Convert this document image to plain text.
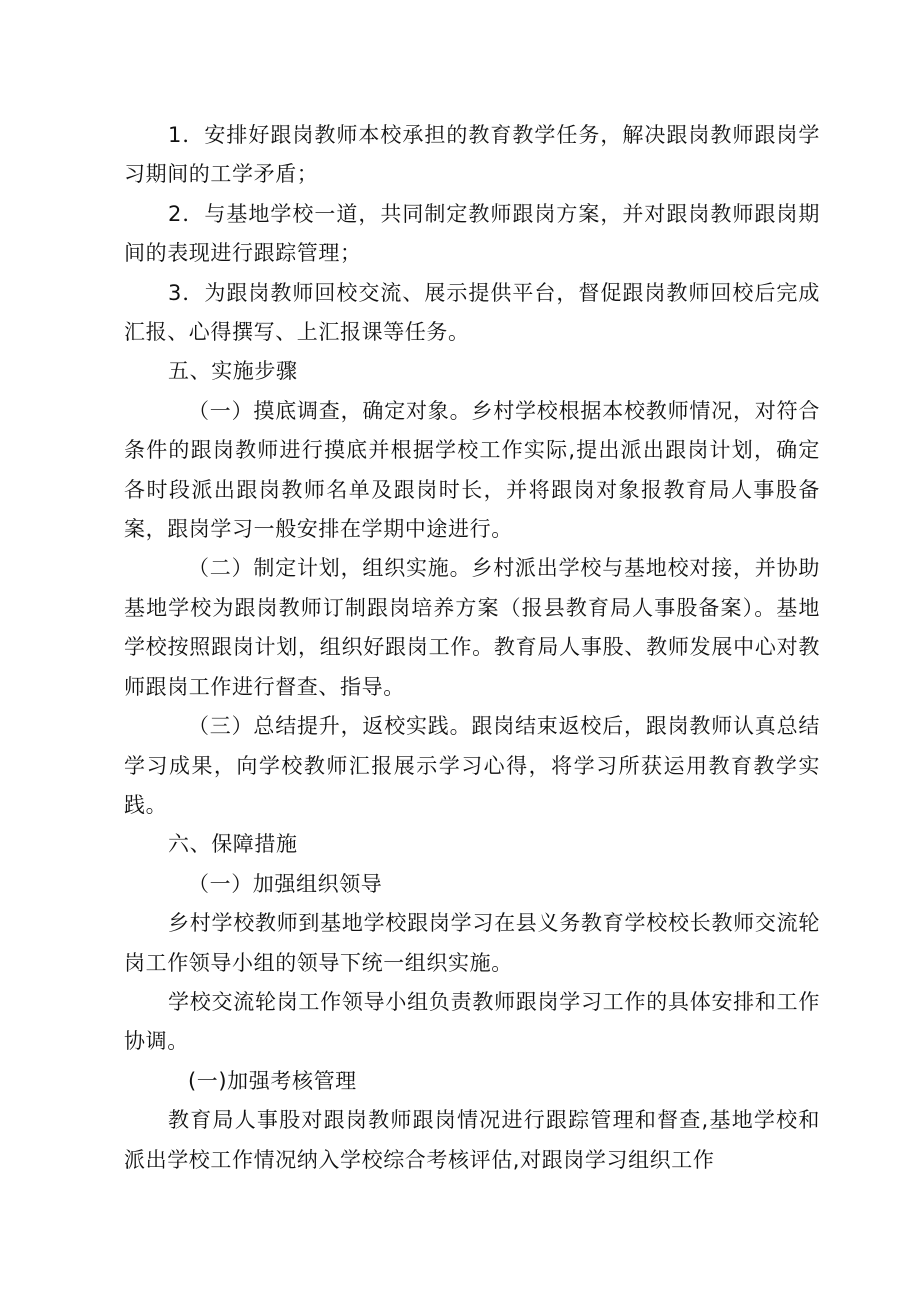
1．安排好跟岗教师本校承担的教育教学任务，解决跟岗教师跟岗学习期间的工学矛盾；

2．与基地学校一道，共同制定教师跟岗方案，并对跟岗教师跟岗期间的表现进行跟踪管理；

3．为跟岗教师回校交流、展示提供平台，督促跟岗教师回校后完成汇报、心得撰写、上汇报课等任务。

五、实施步骤

（一）摸底调查，确定对象。乡村学校根据本校教师情况，对符合条件的跟岗教师进行摸底并根据学校工作实际,提出派出跟岗计划，确定各时段派出跟岗教师名单及跟岗时长，并将跟岗对象报教育局人事股备案，跟岗学习一般安排在学期中途进行。

（二）制定计划，组织实施。乡村派出学校与基地校对接，并协助基地学校为跟岗教师订制跟岗培养方案（报县教育局人事股备案）。基地学校按照跟岗计划，组织好跟岗工作。教育局人事股、教师发展中心对教师跟岗工作进行督查、指导。

（三）总结提升，返校实践。跟岗结束返校后，跟岗教师认真总结学习成果，向学校教师汇报展示学习心得，将学习所获运用教育教学实践。

六、保障措施

（一）加强组织领导

乡村学校教师到基地学校跟岗学习在县义务教育学校校长教师交流轮岗工作领导小组的领导下统一组织实施。

学校交流轮岗工作领导小组负责教师跟岗学习工作的具体安排和工作协调。

(一)加强考核管理

教育局人事股对跟岗教师跟岗情况进行跟踪管理和督查,基地学校和派出学校工作情况纳入学校综合考核评估,对跟岗学习组织工作
